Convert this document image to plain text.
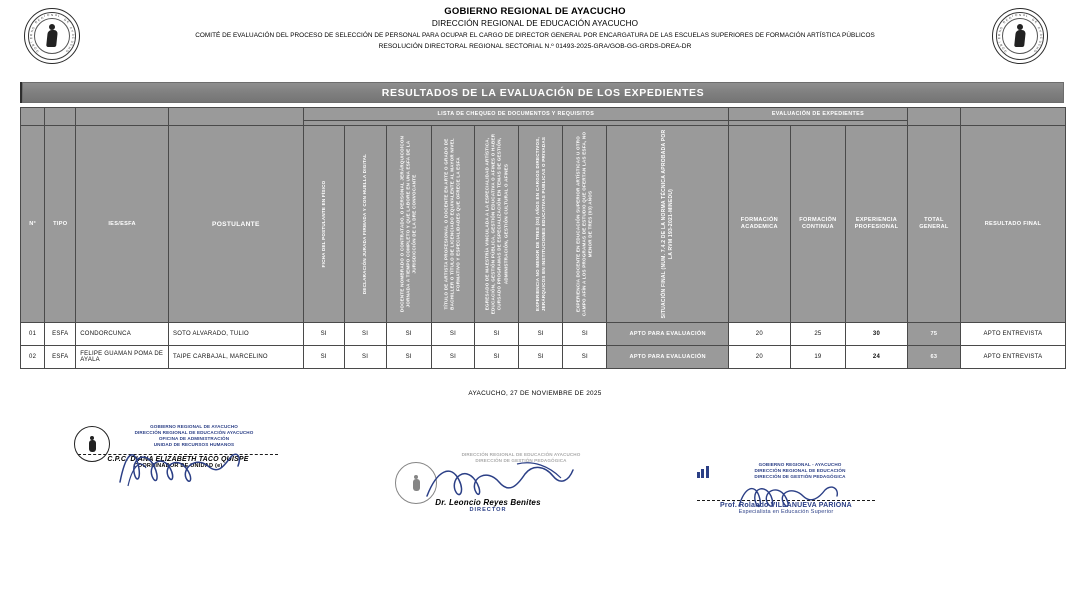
G
O
B
I
E
R
N
O
R
E
G I O N A L
D
E
A
Y
A
C
U
C
H
O	G
O
B
I
E
R
N
O
R
E
G I O N A L
D
E
A
Y
A
C
U
C
H
O
GOBIERNO REGIONAL DE AYACUCHO
DIRECCIÓN REGIONAL DE EDUCACIÓN AYACUCHO
COMITÉ DE EVALUACIÓN DEL PROCESO DE SELECCIÓN DE PERSONAL PARA OCUPAR EL CARGO DE DIRECTOR GENERAL POR ENCARGATURA DE LAS ESCUELAS SUPERIORES DE FORMACIÓN ARTÍSTICA PÚBLICOS
RESOLUCIÓN DIRECTORAL REGIONAL SECTORIAL N.º 01493-2025-GRA/GOB-GG-GRDS-DREA-DR
RESULTADOS DE LA EVALUACIÓN DE LOS EXPEDIENTES
				LISTA DE CHEQUEO DE DOCUMENTOS Y REQUISITOS								EVALUACIÓN DE EXPEDIENTES				

N°	TIPO	IES/ESFA	POSTULANTE	FICHA DEL POSTULANTE EN FÍSICO	DECLARACIÓN JURADA FIRMADA Y CON HUELLA DIGITAL	DOCENTE NOMBRADO O CONTRATADO, O PERSONAL JERÁRQUICO/CON JORNADA A TIEMPO COMPLETO Y QUE LABORE EN UNA ESFA DE LA JURISDICCIÓN DE LA DRE CONVOCANTE	TÍTULO DE ARTISTA PROFESIONAL O DOCENTE EN ARTE O GRADO DE BACHILLER O TÍTULO DE LICENCIADO EQUIVALENTE AL MAYOR NIVEL FORMATIVO Y ESPECIALIDADES QUE OFRECE LA ESFA	EGRESADO DE MAESTRÍA VINCULADA A LA ESPECIALIDAD ARTÍSTICA, EDUCACIÓN, GESTIÓN PÚBLICA, GESTIÓN EDUCATIVA O AFINES O HABER CURSADO PROGRAMAS DE ESPECIALIZACIÓN EN TEMAS DE GESTIÓN, ADMINISTRACIÓN, GESTIÓN CULTURAL O AFINES	EXPERIENCIA NO MENOR DE TRES (03) AÑOS EN CARGOS DIRECTIVOS, JERÁRQUICOS EN INSTITUCIONES EDUCATIVAS PUBLICAS O PRIVADAS	EXPERIENCIA DOCENTE EN EDUCACIÓN SUPERIOR ARTÍSTICAS U OTRO CAMPO AFÍN A LOS PROGRAMAS DE ESTUDIO QUE OFERTAN LAS ESFA, NO MENOR DE TRES (03) AÑOS	SITUACIÓN FINAL (NUM. 7.4.2 DE LA NORMA TÉCNICA APROBADA POR LA RVM 193-2021-MINEDU)	FORMACIÓN ACADEMICA	FORMACIÓN CONTINUA	EXPERIENCIA PROFESIONAL	TOTAL GENERAL	RESULTADO FINAL

01	ESFA	CONDORCUNCA	SOTO ALVARADO, TULIO	SI	SI	SI	SI	SI	SI	SI	APTO PARA EVALUACIÓN	20	25	30	75	APTO ENTREVISTA
02	ESFA	FELIPE GUAMAN POMA DE AYALA	TAIPE CARBAJAL, MARCELINO	SI	SI	SI	SI	SI	SI	SI	APTO PARA EVALUACIÓN	20	19	24	63	APTO ENTREVISTA
AYACUCHO, 27 DE NOVIEMBRE DE 2025
GOBIERNO REGIONAL DE AYACUCHO
DIRECCIÓN REGIONAL DE EDUCACIÓN AYACUCHO
OFICINA DE ADMINISTRACIÓN
UNIDAD DE RECURSOS HUMANOS
C.P.C. DIANA ELIZABETH TACO QUISPE
COORDINADOR DE UNIDAD (e)
DIRECCIÓN REGIONAL DE EDUCACIÓN AYACUCHO
DIRECCIÓN DE GESTIÓN PEDAGÓGICA
Dr. Leoncio Reyes Benites
DIRECTOR
GOBIERNO REGIONAL - AYACUCHO
DIRECCIÓN REGIONAL DE EDUCACIÓN
DIRECCIÓN DE GESTIÓN PEDAGÓGICA
Prof. Rolando VILLANUEVA PARIONA
Especialista en Educación Superior
